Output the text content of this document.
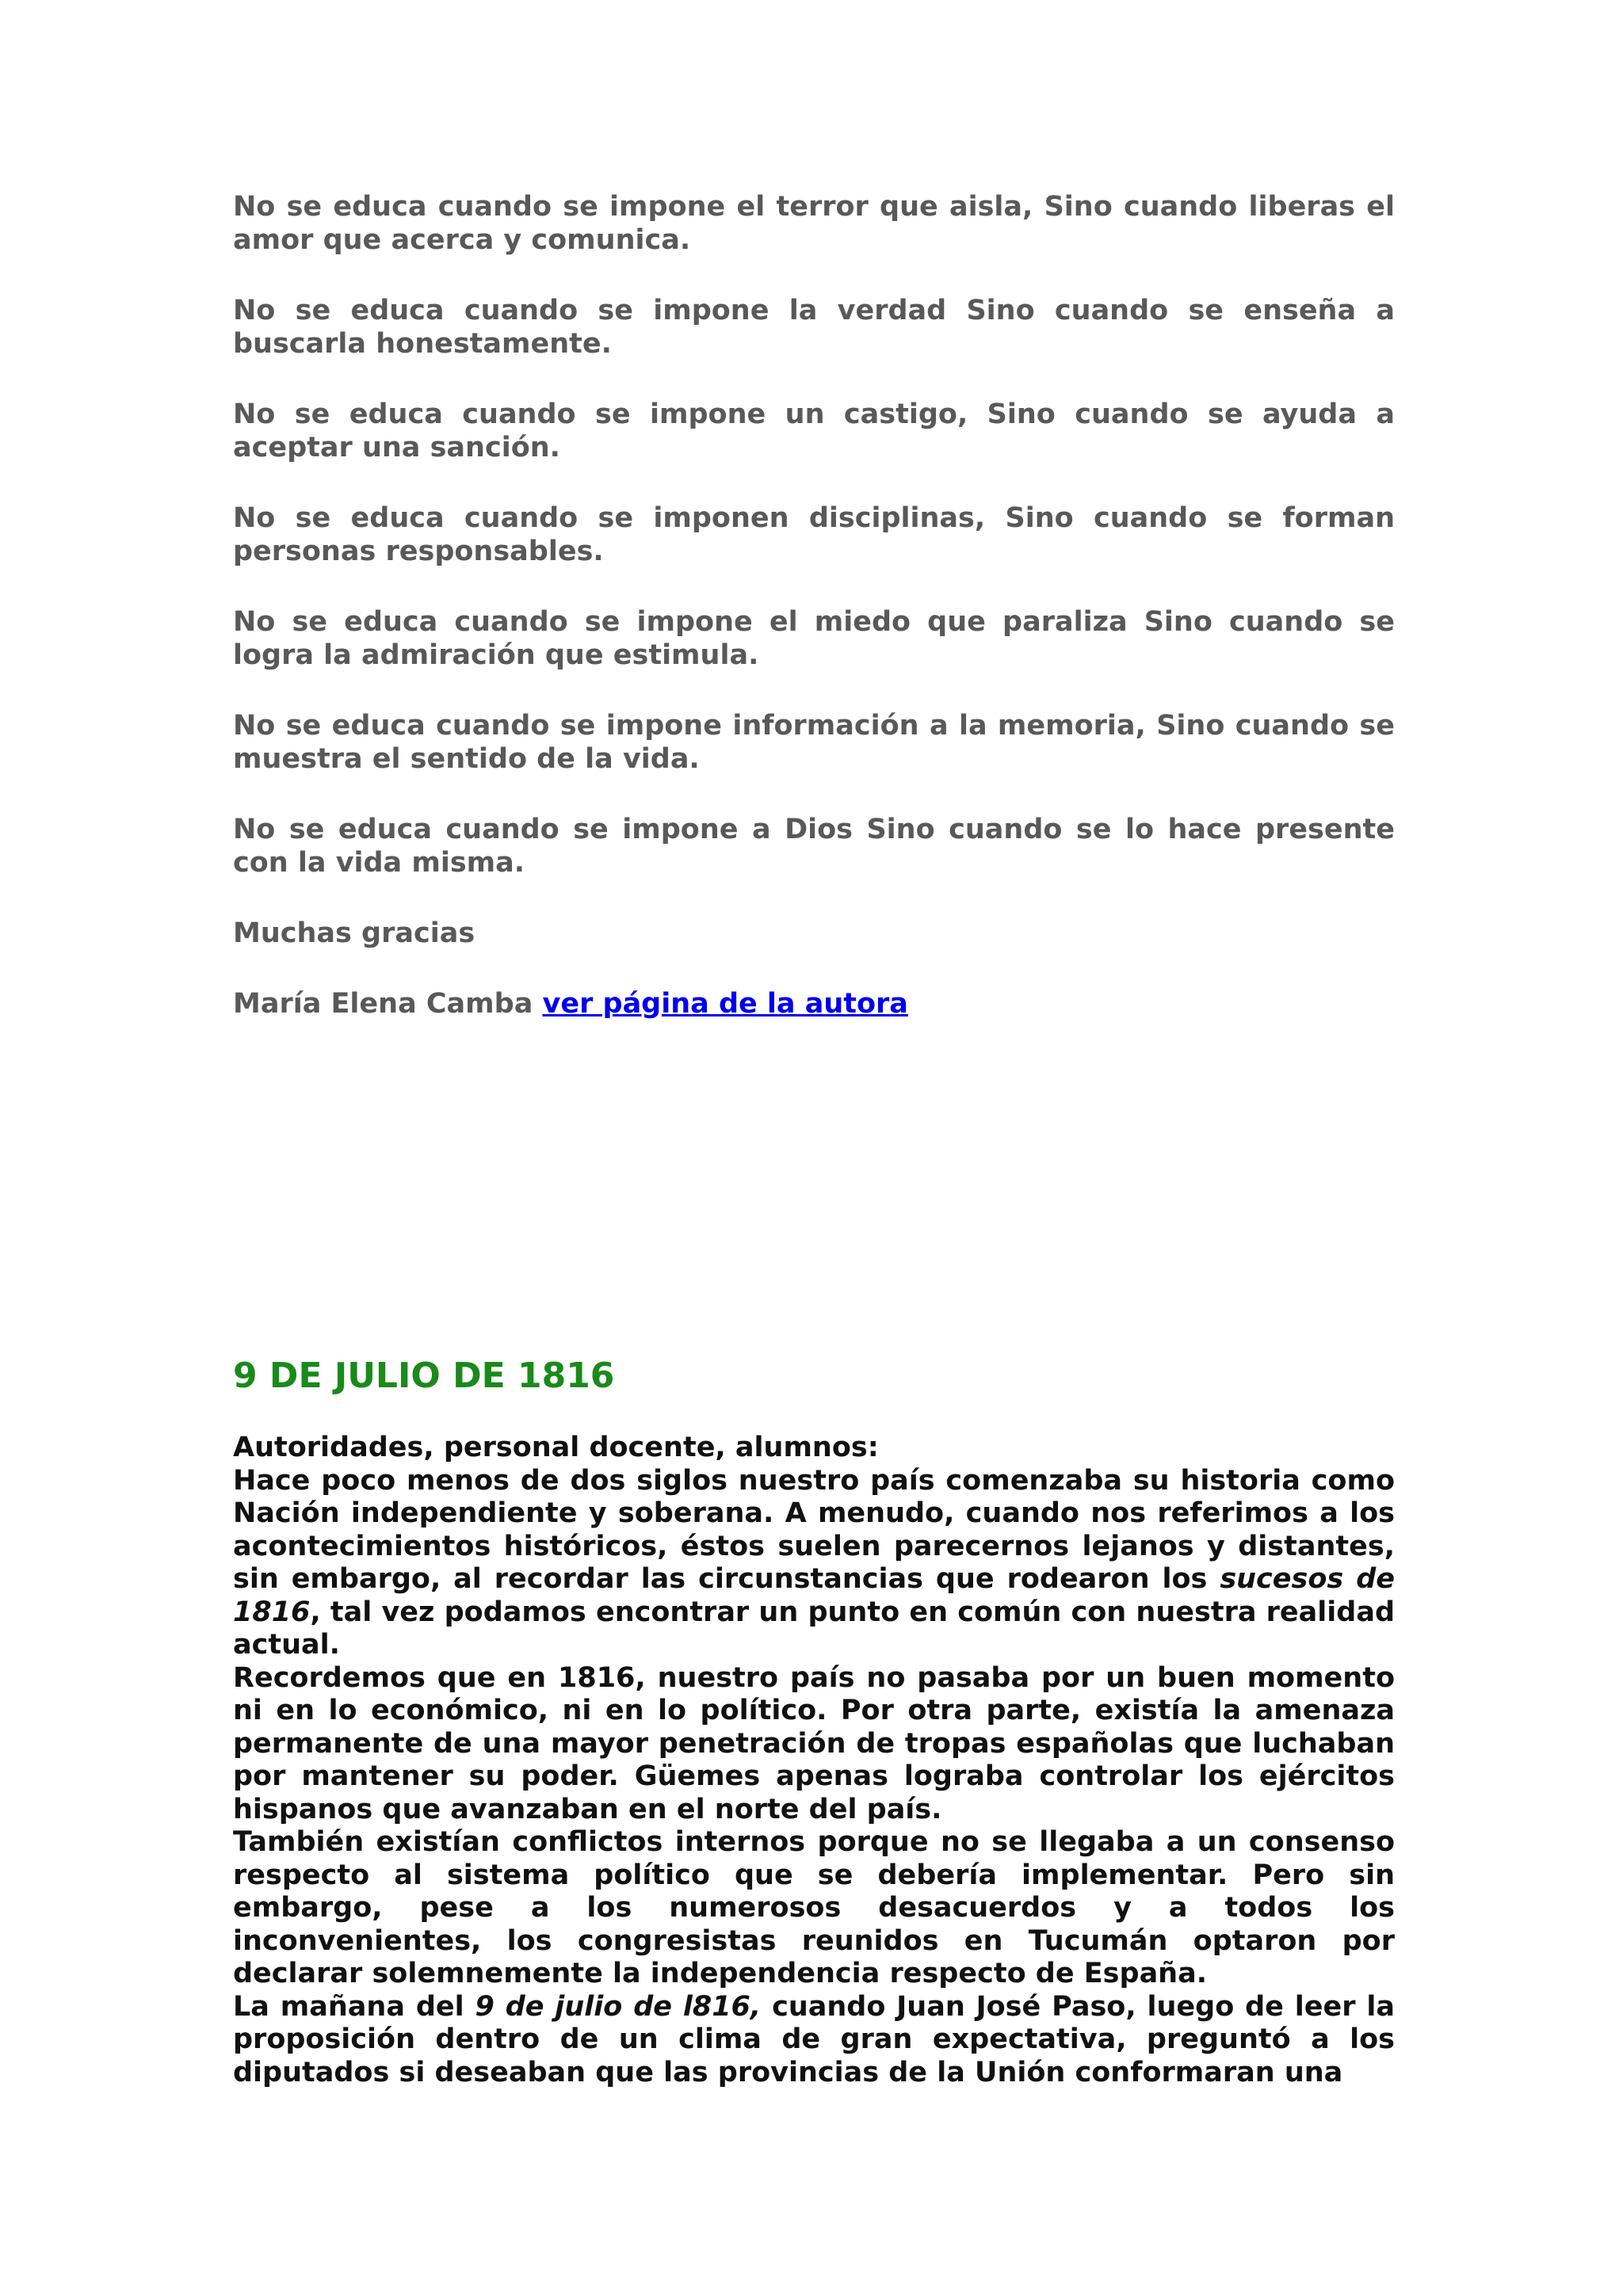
No se educa cuando se impone el terror que aisla, Sino cuando liberas el amor que acerca y comunica.

No se educa cuando se impone la verdad Sino cuando se enseña a buscarla honestamente.

No se educa cuando se impone un castigo, Sino cuando se ayuda a aceptar una sanción.

No se educa cuando se imponen disciplinas, Sino cuando se forman personas responsables.

No se educa cuando se impone el miedo que paraliza Sino cuando se logra la admiración que estimula.

No se educa cuando se impone información a la memoria, Sino cuando se muestra el sentido de la vida.

No se educa cuando se impone a Dios Sino cuando se lo hace presente con la vida misma.

Muchas gracias

María Elena Camba ver página de la autora

9 DE JULIO DE 1816

Autoridades, personal docente, alumnos:

Hace poco menos de dos siglos nuestro país comenzaba su historia como Nación independiente y soberana. A menudo, cuando nos referimos a los acontecimientos históricos, éstos suelen parecernos lejanos y distantes, sin embargo, al recordar las circunstancias que rodearon los sucesos de 1816, tal vez podamos encontrar un punto en común con nuestra realidad actual.

Recordemos que en 1816, nuestro país no pasaba por un buen momento ni en lo económico, ni en lo político. Por otra parte, existía la amenaza permanente de una mayor penetración de tropas españolas que luchaban por mantener su poder. Güemes apenas lograba controlar los ejércitos hispanos que avanzaban en el norte del país.

También existían conflictos internos porque no se llegaba a un consenso respecto al sistema político que se debería implementar. Pero sin embargo, pese a los numerosos desacuerdos y a todos los inconvenientes, los congresistas reunidos en Tucumán optaron por declarar solemnemente la independencia respecto de España.

La mañana del 9 de julio de l816, cuando Juan José Paso, luego de leer la proposición dentro de un clima de gran expectativa, preguntó a los diputados si deseaban que las provincias de la Unión conformaran una
